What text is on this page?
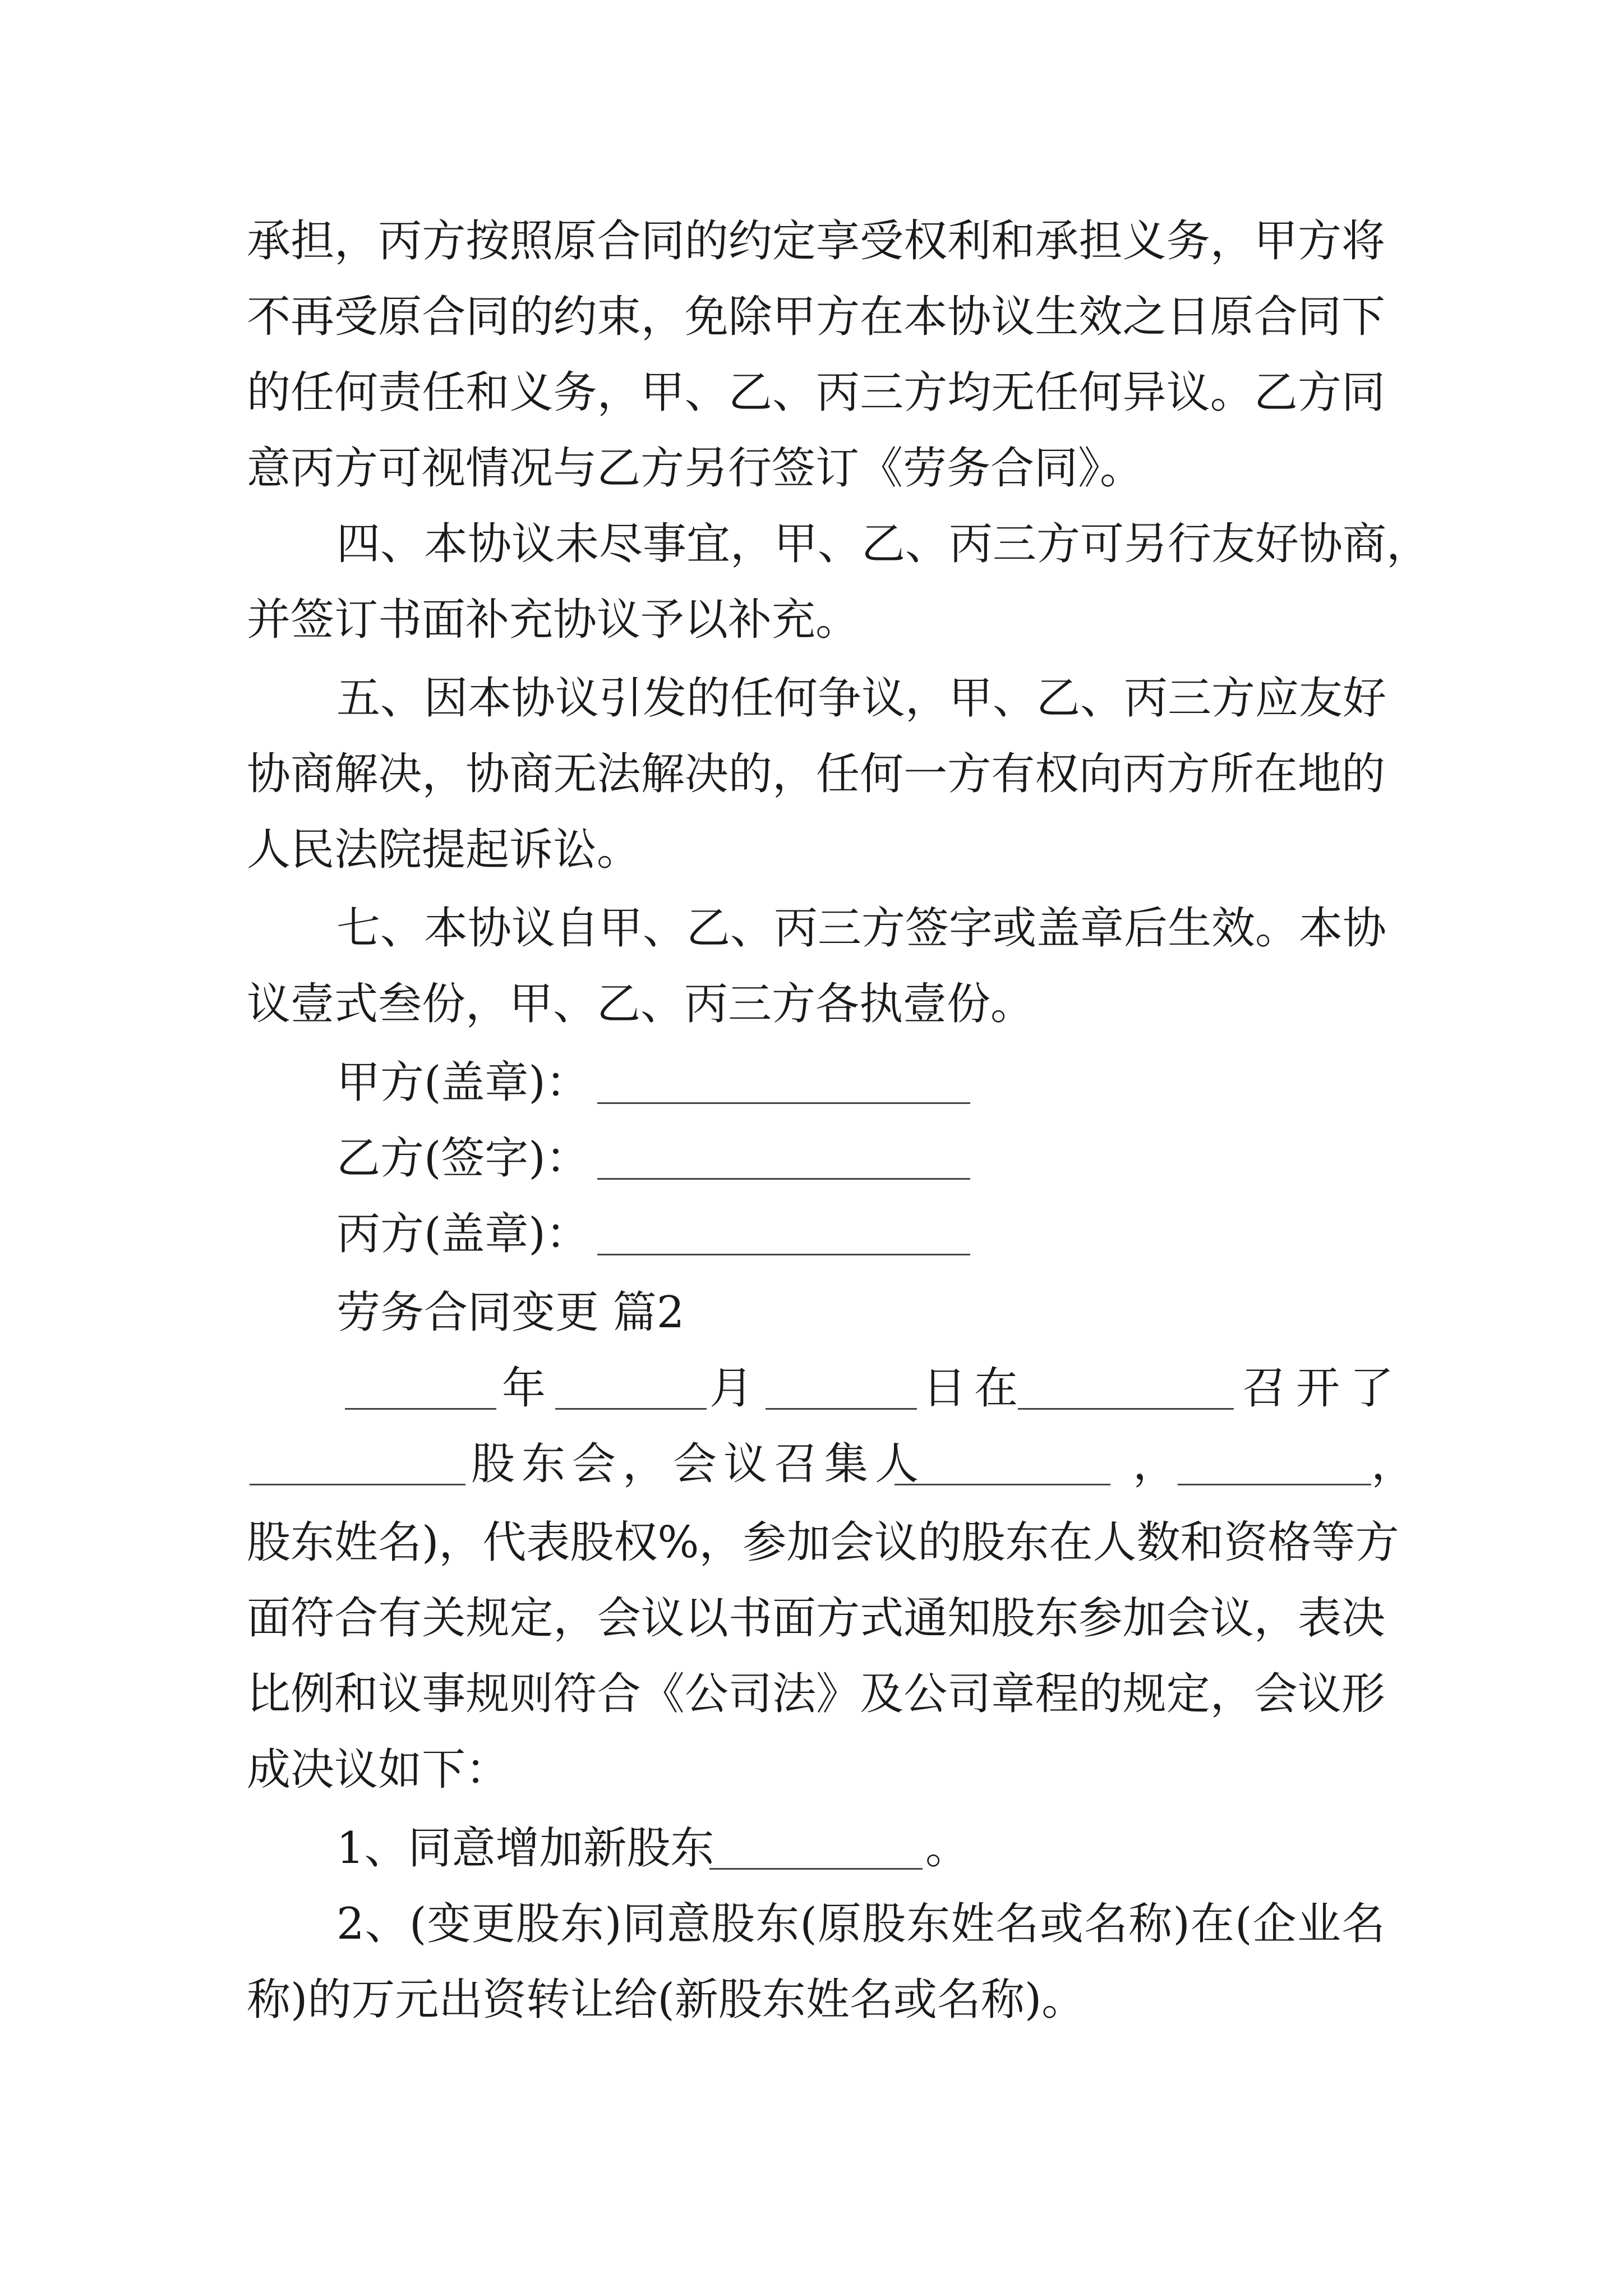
承担，丙方按照原合同的约定享受权利和承担义务，甲方将
不再受原合同的约束，免除甲方在本协议生效之日原合同下
的任何责任和义务，甲、乙、丙三方均无任何异议。乙方同
意丙方可视情况与乙方另行签订《劳务合同》。
四、本协议未尽事宜，甲、乙、丙三方可另行友好协商，
并签订书面补充协议予以补充。
五、因本协议引发的任何争议，甲、乙、丙三方应友好
协商解决，协商无法解决的，任何一方有权向丙方所在地的
人民法院提起诉讼。
七、本协议自甲、乙、丙三方签字或盖章后生效。本协
议壹式叁份，甲、乙、丙三方各执壹份。
甲方(盖章)：
乙方(签字)：
丙方(盖章)：
劳务合同变更 篇2
年	月	日在	召开了
股东会，会议召集人	，	，
股东姓名)，代表股权%，参加会议的股东在人数和资格等方
面符合有关规定，会议以书面方式通知股东参加会议，表决
比例和议事规则符合《公司法》及公司章程的规定，会议形
成决议如下：
1、同意增加新股东	。
2、(变更股东)同意股东(原股东姓名或名称)在(企业名
称)的万元出资转让给(新股东姓名或名称)。
